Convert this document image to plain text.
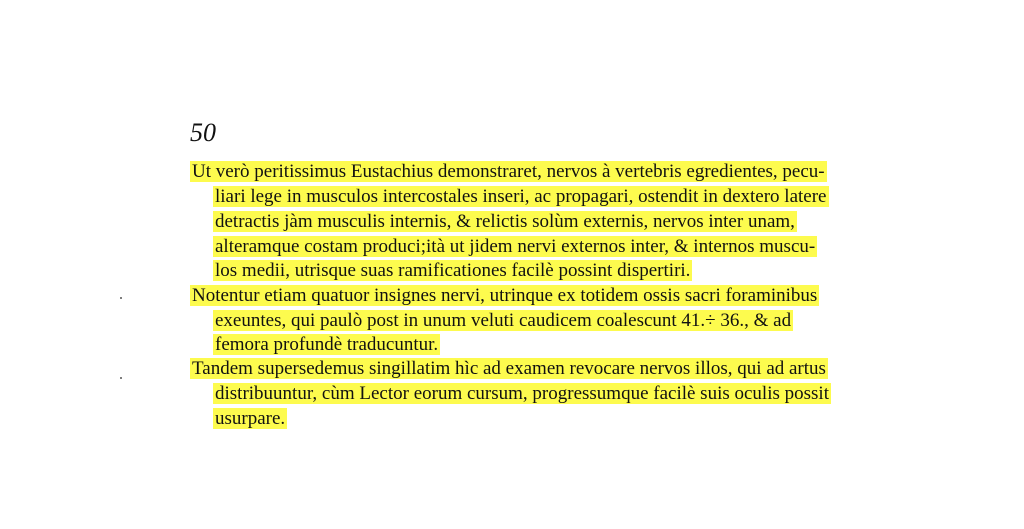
50
Ut verò peritissimus Eustachius demonstraret, nervos à vertebris egredientes, pecu-
liari lege in musculos intercostales inseri, ac propagari, ostendit in dextero latere
detractis jàm musculis internis, & relictis solùm externis, nervos inter unam,
alteramque costam produci;ità ut jidem nervi externos inter, & internos muscu-
los medii, utrisque suas ramificationes facilè possint dispertiri.
Notentur etiam quatuor insignes nervi, utrinque ex totidem ossis sacri foraminibus
exeuntes, qui paulò post in unum veluti caudicem coalescunt 41.÷ 36., & ad
femora profundè traducuntur.
Tandem supersedemus singillatim hìc ad examen revocare nervos illos, qui ad artus
distribuuntur, cùm Lector eorum cursum, progressumque facilè suis oculis possit
usurpare.
